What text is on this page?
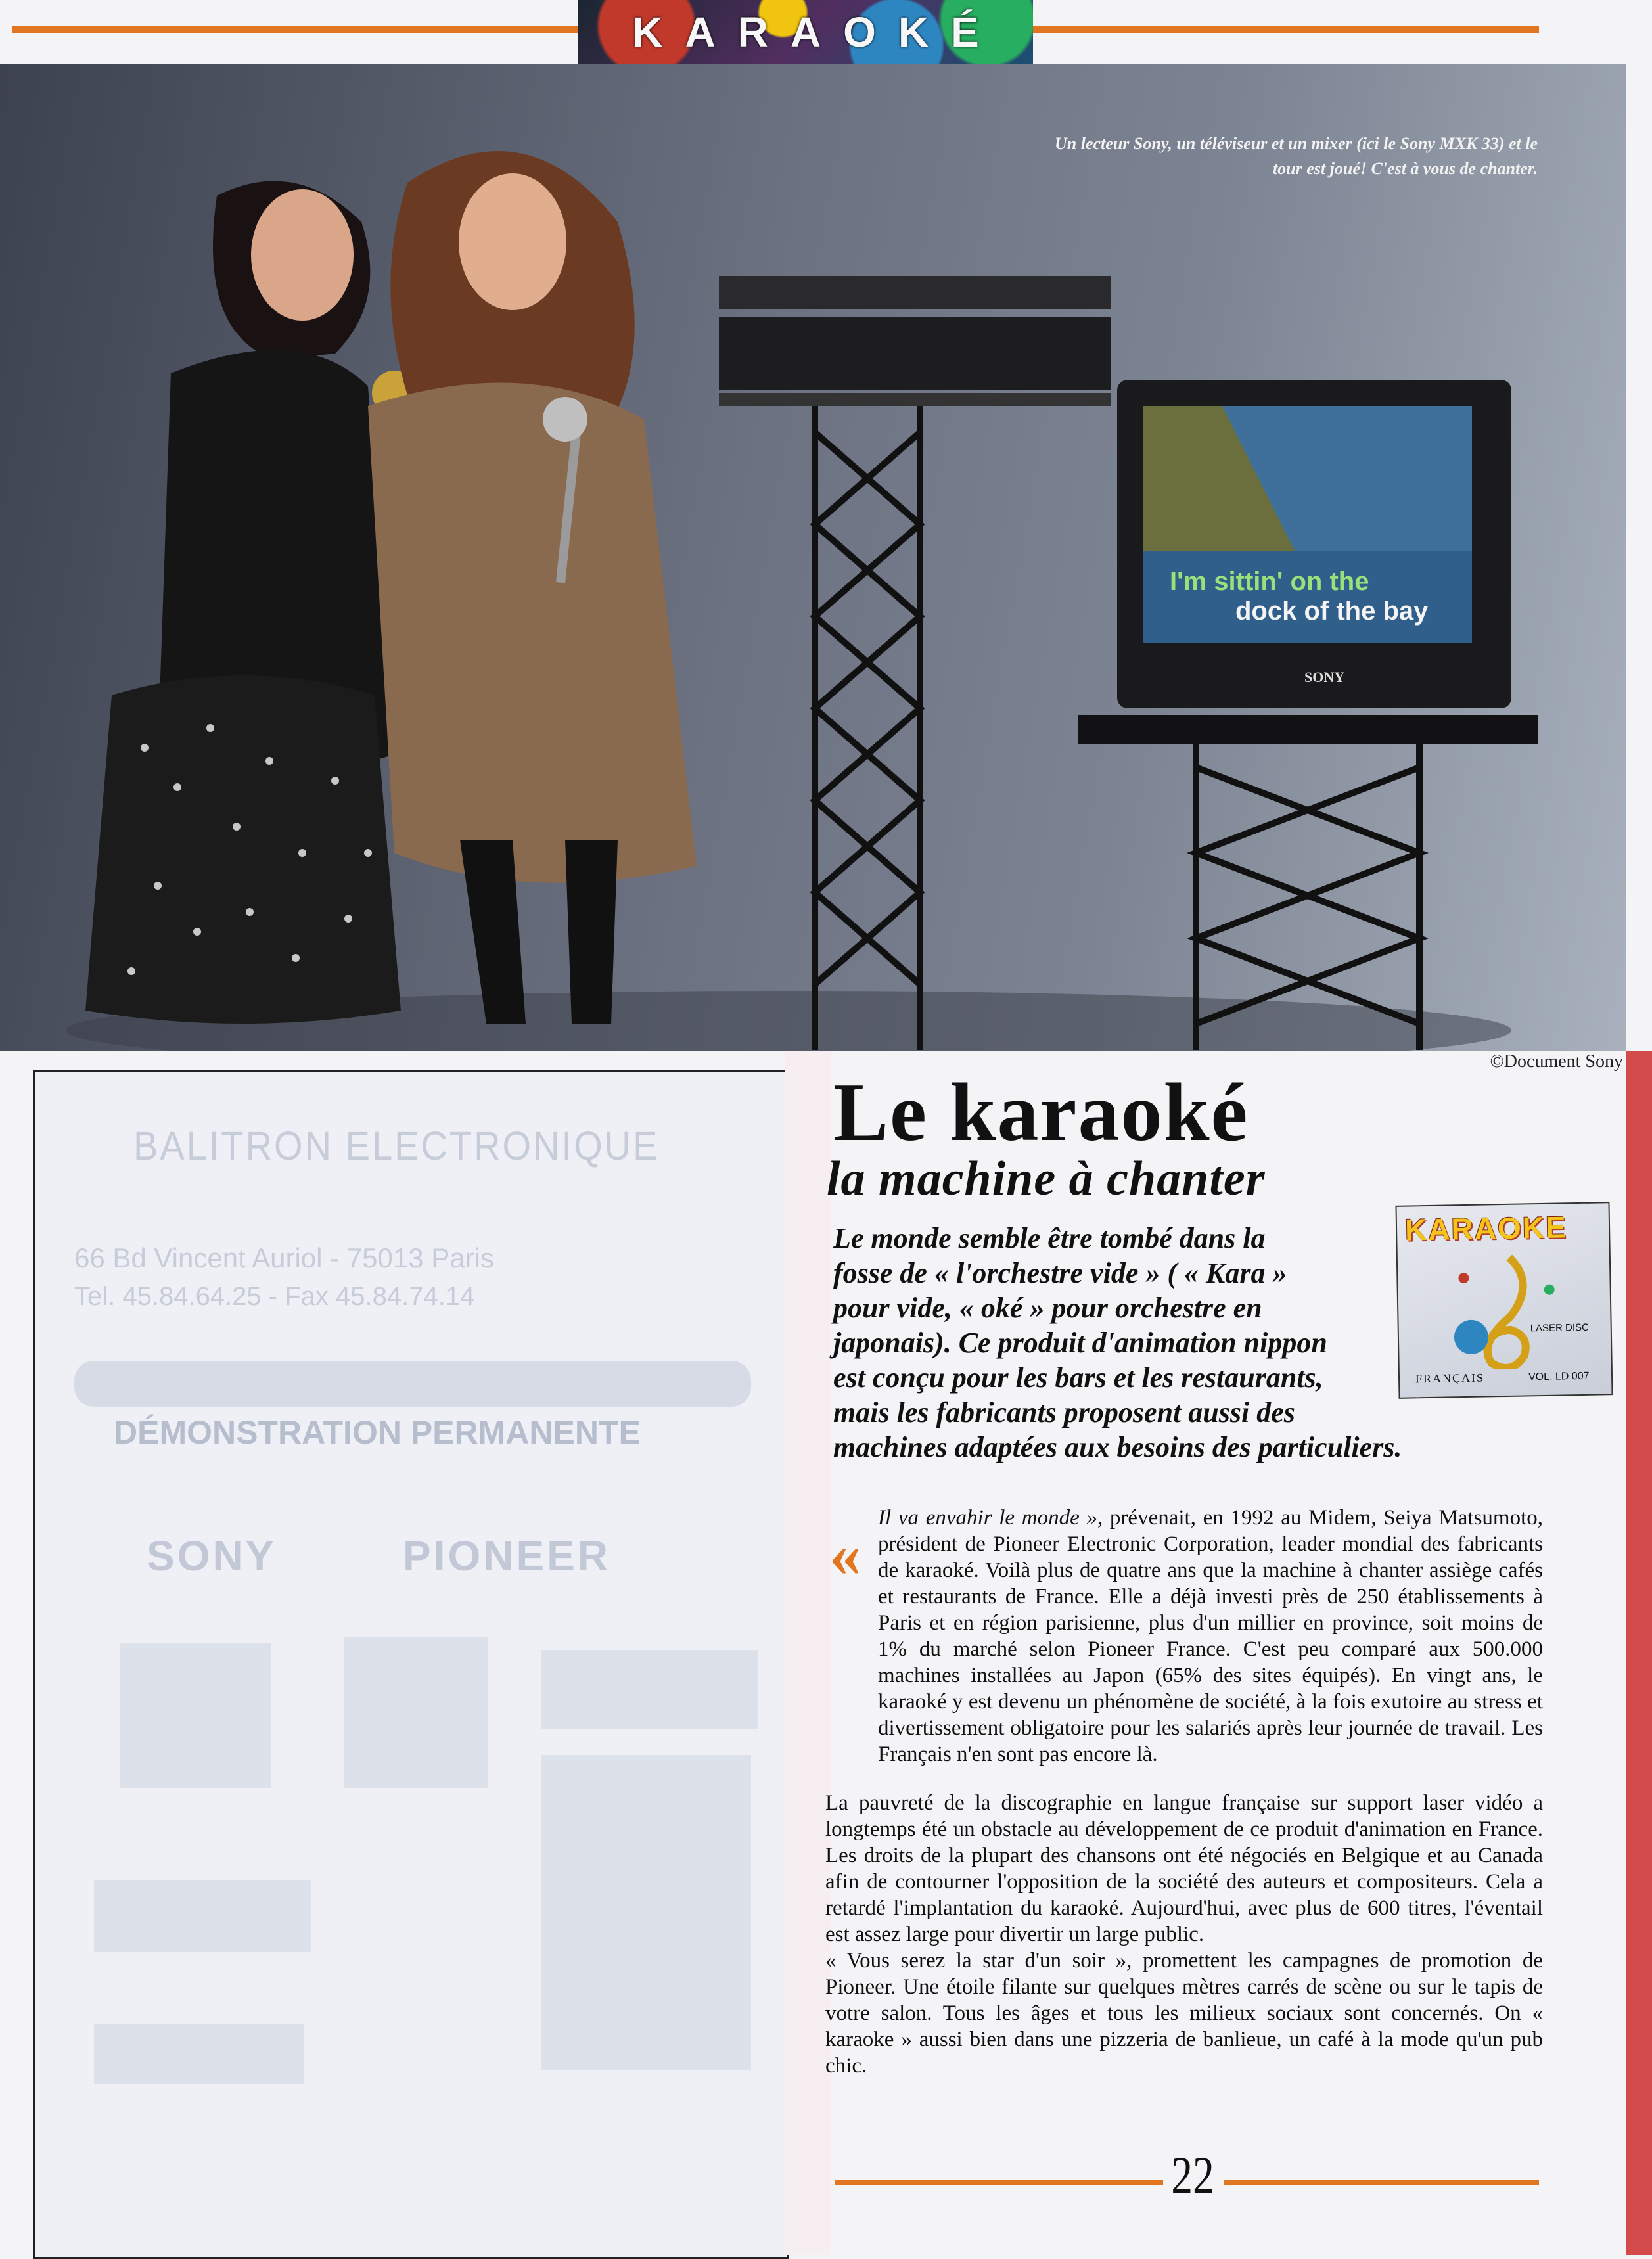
KARAOKÉ
I'm sittin' on the
dock of the bay
SONY
Un lecteur Sony, un téléviseur et un mixer (ici le Sony MXK 33) et le tour est joué! C'est à vous de chanter.
©Document Sony
BALITRON ELECTRONIQUE
66 Bd Vincent Auriol - 75013 Paris
Tel. 45.84.64.25 - Fax 45.84.74.14
DÉMONSTRATION PERMANENTE
SONY	PIONEER
Le karaoké
la machine à chanter
Le monde semble être tombé dans la
fosse de « l'orchestre vide » ( « Kara »
pour vide, « oké » pour orchestre en
japonais). Ce produit d'animation nippon
est conçu pour les bars et les restaurants,
mais les fabricants proposent aussi des
machines adaptées aux besoins des particuliers.
KARAOKE
LASER DISC
FRANÇAIS	VOL. LD 007
«

Il va envahir le monde », prévenait, en 1992 au Midem, Seiya Matsumoto, président de Pioneer Electronic Corporation, leader mondial des fabricants de karaoké. Voilà plus de quatre ans que la machine à chanter assiège cafés et restaurants de France. Elle a déjà investi près de 250 établissements à Paris et en région parisienne, plus d'un millier en province, soit moins de 1% du marché selon Pioneer France. C'est peu comparé aux 500.000 machines installées au Japon (65% des sites équipés). En vingt ans, le karaoké y est devenu un phénomène de société, à la fois exutoire au stress et divertissement obligatoire pour les salariés après leur journée de travail. Les Français n'en sont pas encore là.

La pauvreté de la discographie en langue française sur support laser vidéo a longtemps été un obstacle au développement de ce produit d'animation en France. Les droits de la plupart des chansons ont été négociés en Belgique et au Canada afin de contourner l'opposition de la société des auteurs et compositeurs. Cela a retardé l'implantation du karaoké. Aujourd'hui, avec plus de 600 titres, l'éventail est assez large pour divertir un large public.

« Vous serez la star d'un soir », promettent les campagnes de promotion de Pioneer. Une étoile filante sur quelques mètres carrés de scène ou sur le tapis de votre salon. Tous les âges et tous les milieux sociaux sont concernés. On « karaoke » aussi bien dans une pizzeria de banlieue, un café à la mode qu'un pub chic.

22
